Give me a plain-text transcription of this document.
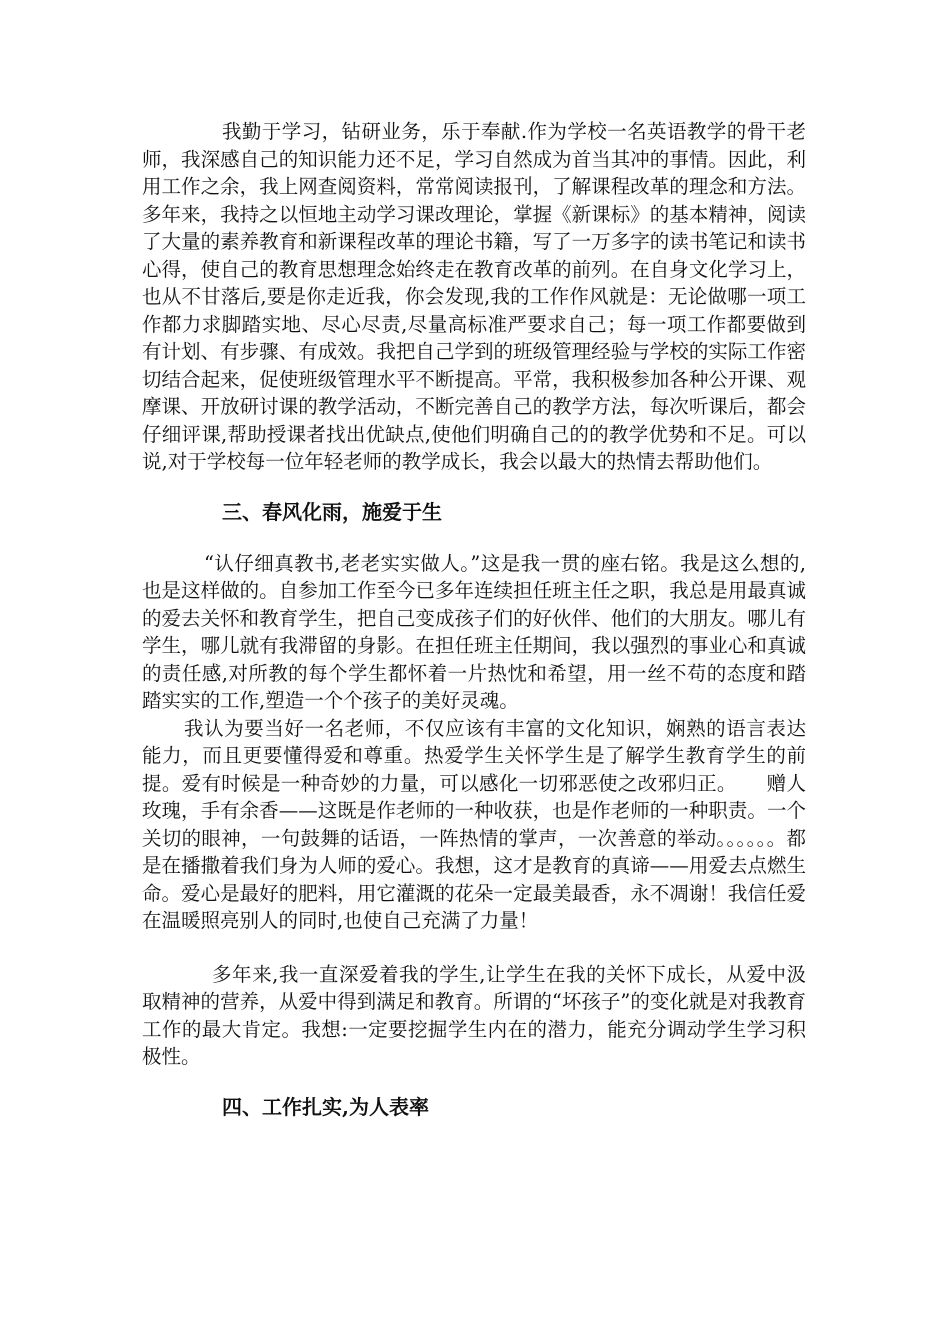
我勤于学习，钻研业务，乐于奉献.作为学校一名英语教学的骨干老师，我深感自己的知识能力还不足，学习自然成为首当其冲的事情。因此，利用工作之余，我上网查阅资料，常常阅读报刊，了解课程改革的理念和方法。多年来，我持之以恒地主动学习课改理论，掌握《新课标》的基本精神，阅读了大量的素养教育和新课程改革的理论书籍，写了一万多字的读书笔记和读书心得，使自己的教育思想理念始终走在教育改革的前列。在自身文化学习上，也从不甘落后,要是你走近我，你会发现,我的工作作风就是：无论做哪一项工作都力求脚踏实地、尽心尽责,尽量高标准严要求自己；每一项工作都要做到有计划、有步骤、有成效。我把自己学到的班级管理经验与学校的实际工作密切结合起来，促使班级管理水平不断提高。平常，我积极参加各种公开课、观摩课、开放研讨课的教学活动，不断完善自己的教学方法，每次听课后，都会仔细评课,帮助授课者找出优缺点,使他们明确自己的的教学优势和不足。可以说,对于学校每一位年轻老师的教学成长，我会以最大的热情去帮助他们。

三、春风化雨，施爱于生

“认仔细真教书,老老实实做人。”这是我一贯的座右铭。我是这么想的,也是这样做的。自参加工作至今已多年连续担任班主任之职，我总是用最真诚的爱去关怀和教育学生，把自己变成孩子们的好伙伴、他们的大朋友。哪儿有学生，哪儿就有我滞留的身影。在担任班主任期间，我以强烈的事业心和真诚的责任感,对所教的每个学生都怀着一片热忱和希望，用一丝不苟的态度和踏踏实实的工作,塑造一个个孩子的美好灵魂。

我认为要当好一名老师，不仅应该有丰富的文化知识，娴熟的语言表达能力，而且更要懂得爱和尊重。热爱学生关怀学生是了解学生教育学生的前提。爱有时候是一种奇妙的力量，可以感化一切邪恶使之改邪归正。　　赠人玫瑰，手有余香——这既是作老师的一种收获，也是作老师的一种职责。一个关切的眼神，一句鼓舞的话语，一阵热情的掌声，一次善意的举动。。。。。。都是在播撒着我们身为人师的爱心。我想，这才是教育的真谛——用爱去点燃生命。爱心是最好的肥料，用它灌溉的花朵一定最美最香，永不凋谢！我信任爱在温暖照亮别人的同时,也使自己充满了力量！

多年来,我一直深爱着我的学生,让学生在我的关怀下成长，从爱中汲取精神的营养，从爱中得到满足和教育。所谓的“坏孩子”的变化就是对我教育工作的最大肯定。我想:一定要挖掘学生内在的潜力，能充分调动学生学习积极性。

四、工作扎实,为人表率
